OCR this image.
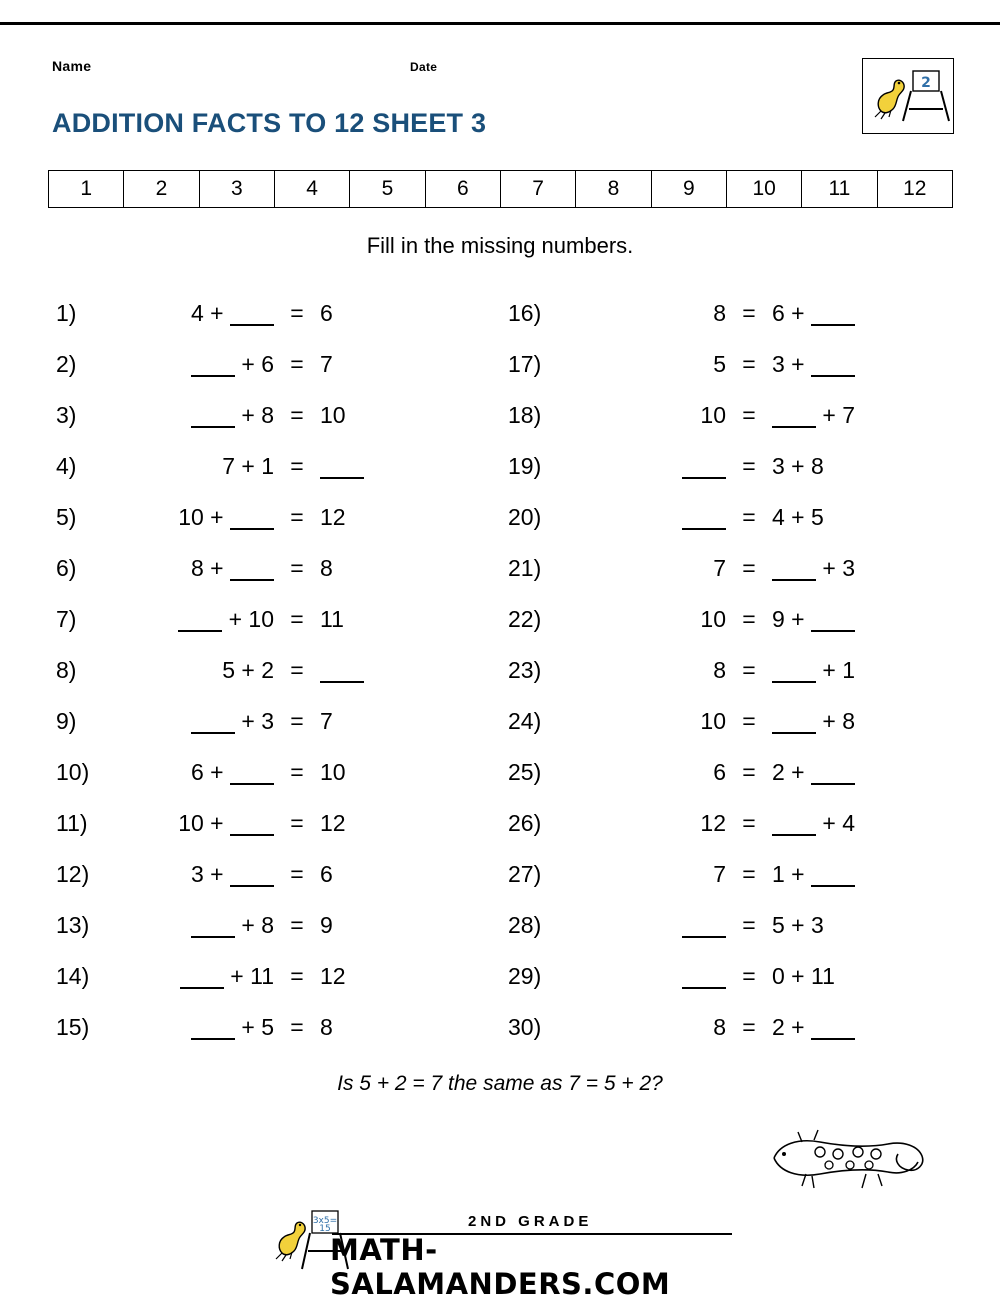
Name	Date
ADDITION FACTS TO 12 SHEET 3
2
1	2	3	4	5	6	7	8	9	10	11	12
Fill in the missing numbers.
1)	4 +	= 6
2)	+ 6 = 7
3)	+ 8 = 10
4)	7 + 1 =
5)	10 +	= 12
6)	8 +	= 8
7)	+ 10 = 11
8)	5 + 2 =
9)	+ 3 = 7
10)	6 +	= 10
11)	10 +	= 12
12)	3 +	= 6
13)	+ 8 = 9
14)	+ 11 = 12
15)	+ 5 = 8
16)	8 = 6 +
17)	5 = 3 +
18)	10 =	+ 7
19)	= 3 + 8
20)	= 4 + 5
21)	7 =	+ 3
22)	10 = 9 +
23)	8 =	+ 1
24)	10 =	+ 8
25)	6 = 2 +
26)	12 =	+ 4
27)	7 = 1 +
28)	= 5 + 3
29)	= 0 + 11
30)	8 = 2 +
Is 5 + 2 = 7 the same as 7 = 5 + 2?
3x5=
15	2ND GRADE
MATH-SALAMANDERS.COM
